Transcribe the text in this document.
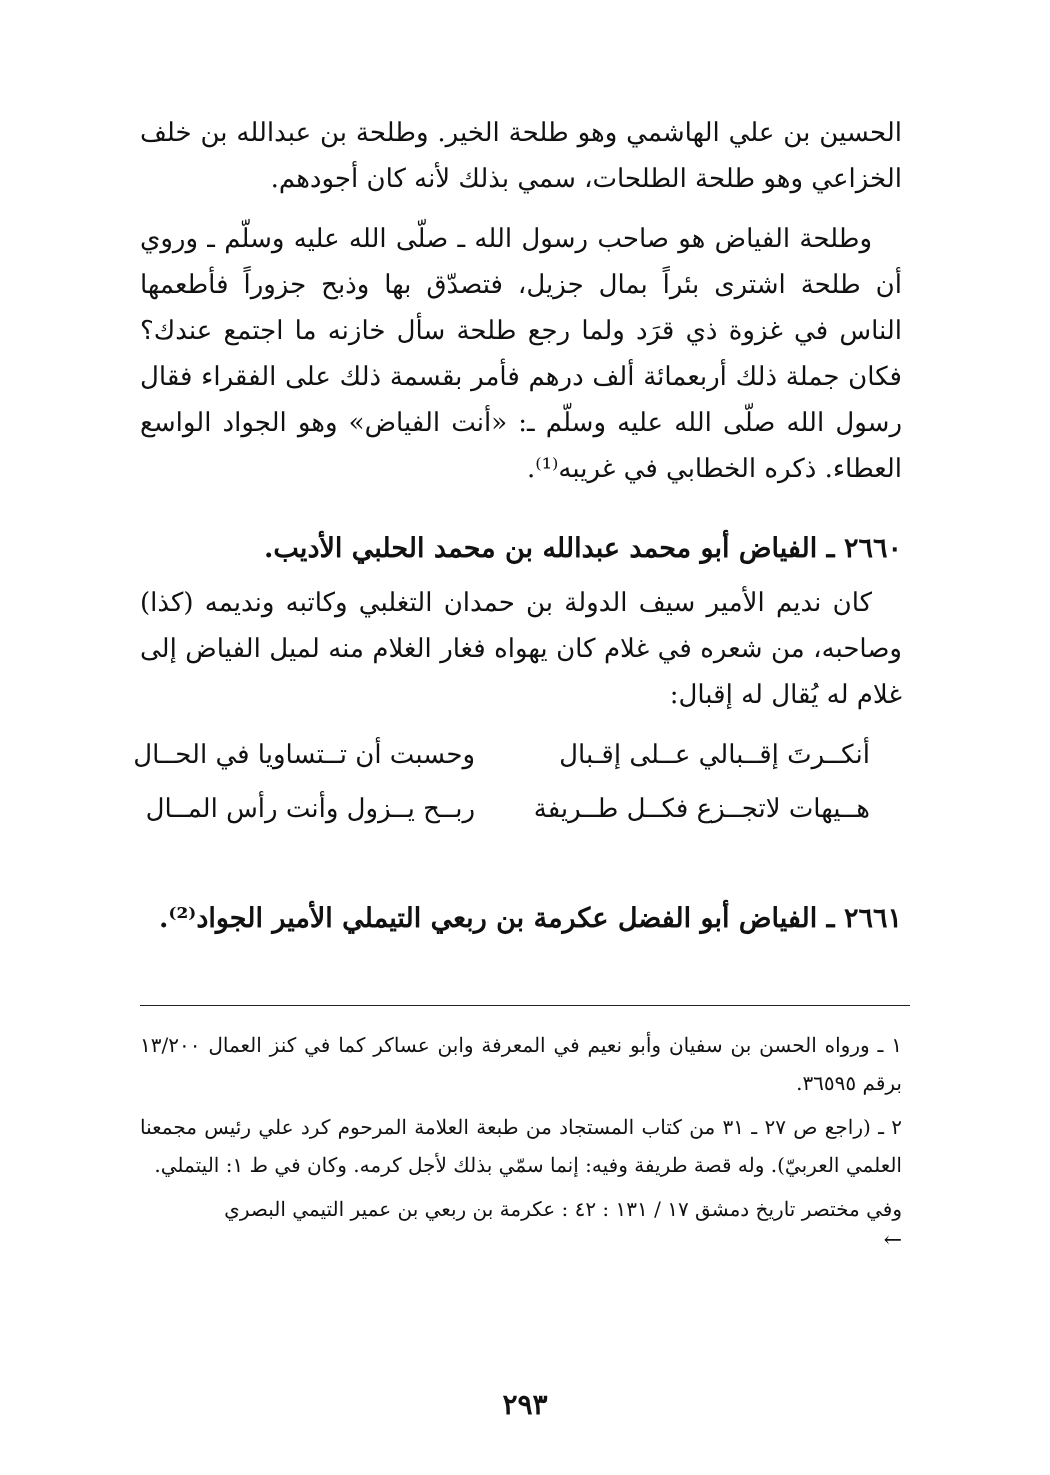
الحسين بن علي الهاشمي وهو طلحة الخير. وطلحة بن عبدالله بن خلف الخزاعي وهو طلحة الطلحات، سمي بذلك لأنه كان أجودهم.

وطلحة الفياض هو صاحب رسول الله ـ صلّى الله عليه وسلّم ـ وروي أن طلحة اشترى بئراً بمال جزيل، فتصدّق بها وذبح جزوراً فأطعمها الناس في غزوة ذي قرَد ولما رجع طلحة سأل خازنه ما اجتمع عندك؟ فكان جملة ذلك أربعمائة ألف درهم فأمر بقسمة ذلك على الفقراء فقال رسول الله صلّى الله عليه وسلّم ـ: «أنت الفياض» وهو الجواد الواسع العطاء. ذكره الخطابي في غريبه⁽¹⁾.

٢٦٦٠ ـ الفياض أبو محمد عبدالله بن محمد الحلبي الأديب.

كان نديم الأمير سيف الدولة بن حمدان التغلبي وكاتبه ونديمه (كذا) وصاحبه، من شعره في غلام كان يهواه فغار الغلام منه لميل الفياض إلى غلام له يُقال له إقبال:

أنكــرتَ إقــبالي عــلى إقـبال
وحسبت أن تــتساويا في الحــال
هــيهات لاتجــزع فكــل طــريفة
ربــح يــزول وأنت رأس المــال
٢٦٦١ ـ الفياض أبو الفضل عكرمة بن ربعي التيملي الأمير الجواد⁽²⁾.

١ ـ ورواه الحسن بن سفيان وأبو نعيم في المعرفة وابن عساكر كما في كنز العمال ١٣/٢٠٠ برقم ٣٦٥٩٥.

٢ ـ (راجع ص ٢٧ ـ ٣١ من كتاب المستجاد من طبعة العلامة المرحوم كرد علي رئيس مجمعنا العلمي العربيّ). وله قصة طريفة وفيه: إنما سمّي بذلك لأجل كرمه. وكان في ط ١: اليتملي.

وفي مختصر تاريخ دمشق ١٧ / ١٣١ : ٤٢ : عكرمة بن ربعي بن عمير التيمي البصري

←

٢٩٣
